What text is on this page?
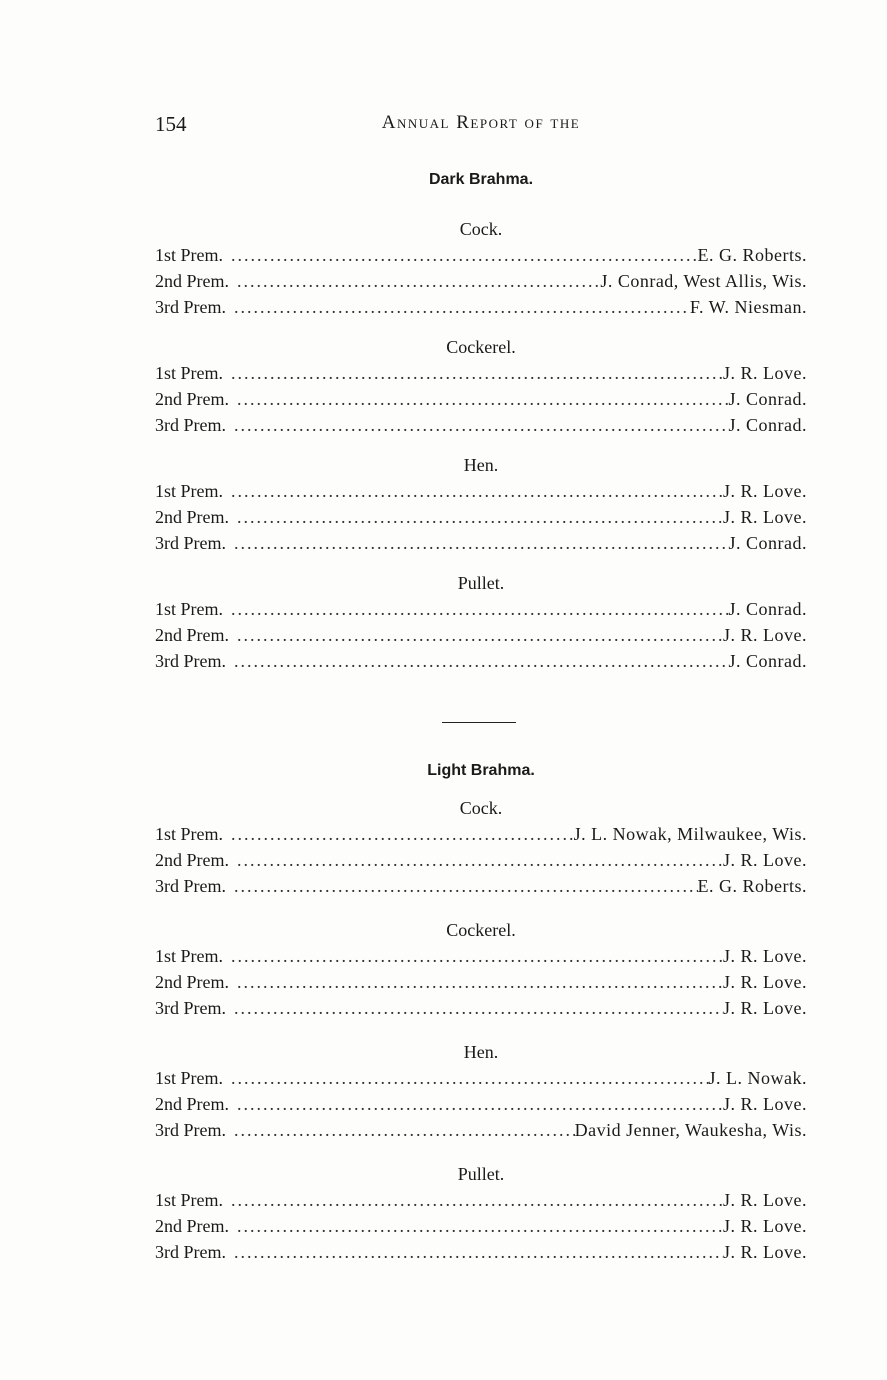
154	Annual Report of the
Dark Brahma.
Cock.
1st Prem. .....	E. G. Roberts.
2nd Prem. .....	J. Conrad, West Allis, Wis.
3rd Prem. .....	F. W. Niesman.
Cockerel.
1st Prem. .....	J. R. Love.
2nd Prem. .....	J. Conrad.
3rd Prem. .....	J. Conrad.
Hen.
1st Prem. .....	J. R. Love.
2nd Prem. .....	J. R. Love.
3rd Prem. .....	J. Conrad.
Pullet.
1st Prem. .....	J. Conrad.
2nd Prem. .....	J. R. Love.
3rd Prem. .....	J. Conrad.
Light Brahma.
Cock.
1st Prem. .....	J. L. Nowak, Milwaukee, Wis.
2nd Prem. .....	J. R. Love.
3rd Prem. .....	E. G. Roberts.
Cockerel.
1st Prem. .....	J. R. Love.
2nd Prem. .....	J. R. Love.
3rd Prem. .....	J. R. Love.
Hen.
1st Prem. .....	J. L. Nowak.
2nd Prem. .....	J. R. Love.
3rd Prem. .....	David Jenner, Waukesha, Wis.
Pullet.
1st Prem. .....	J. R. Love.
2nd Prem. .....	J. R. Love.
3rd Prem. .....	J. R. Love.
